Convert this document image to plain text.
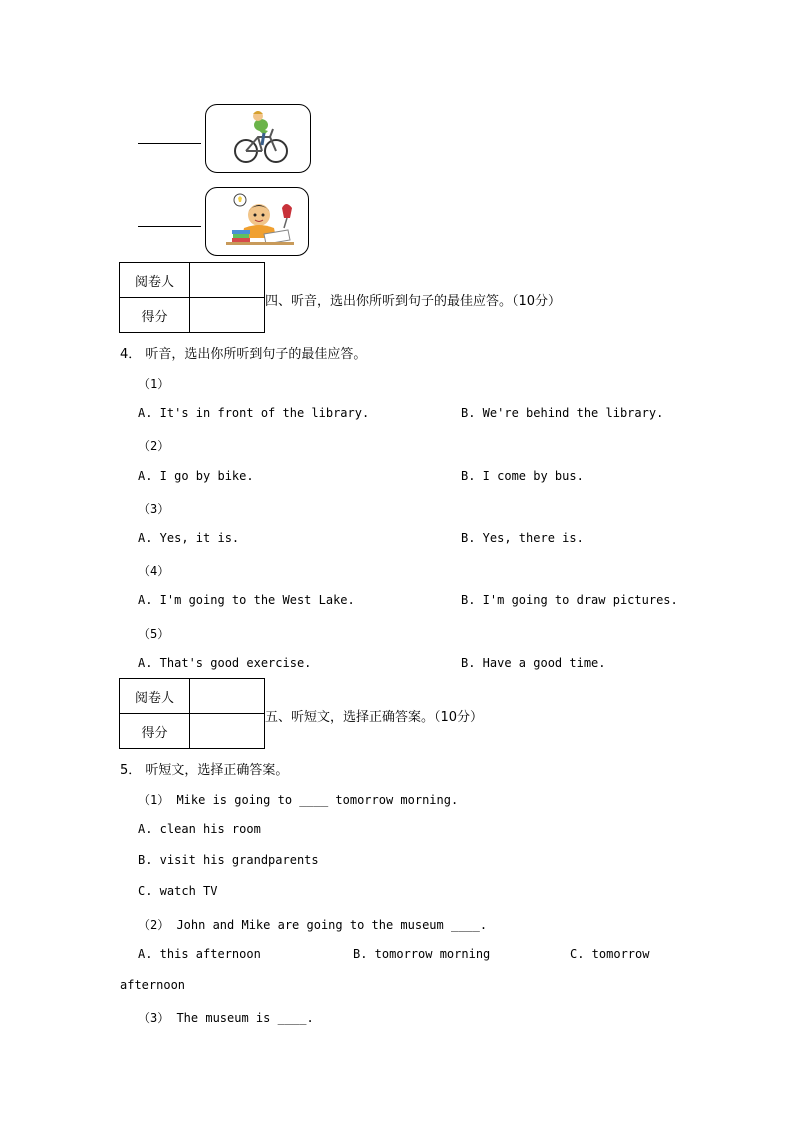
阅卷人	
得分	
四、听音，选出你所听到句子的最佳应答。（10分）
4． 听音，选出你所听到句子的最佳应答。
（1）
A. It's in front of the library.	B. We're behind the library.
（2）
A. I go by bike.	B. I come by bus.
（3）
A. Yes, it is.	B. Yes, there is.
（4）
A. I'm going to the West Lake.	B. I'm going to draw pictures.
（5）
A. That's good exercise.	B. Have a good time.
阅卷人	
得分	
五、听短文，选择正确答案。（10分）
5． 听短文，选择正确答案。
（1） Mike is going to ____ tomorrow morning.
A. clean his room
B. visit his grandparents
C. watch TV
（2） John and Mike are going to the museum ____.
A. this afternoon	B. tomorrow morning	C. tomorrow
afternoon
（3） The museum is ____.
